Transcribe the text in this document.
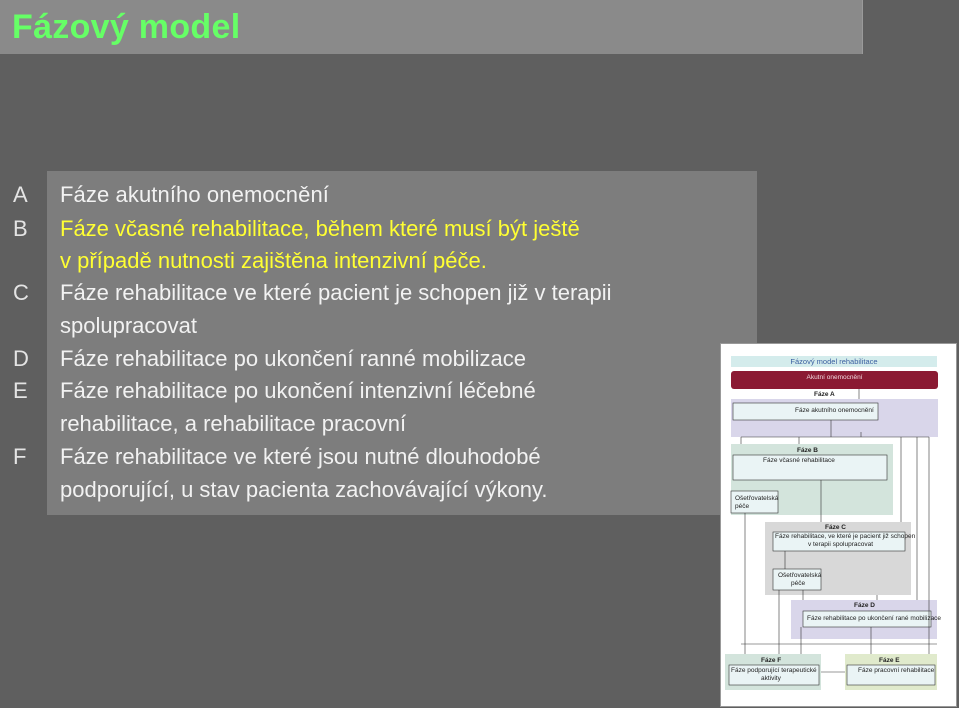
Fázový model
A
B
C
D
E
F
Fáze akutního onemocnění
Fáze včasné rehabilitace, během které musí být ještě
v případě nutnosti zajištěna intenzivní péče.
Fáze rehabilitace ve které pacient je schopen již v terapii
spolupracovat
Fáze rehabilitace po ukončení ranné mobilizace
Fáze rehabilitace po ukončení intenzivní léčebné
rehabilitace, a rehabilitace pracovní
Fáze rehabilitace ve které jsou nutné dlouhodobé
podporující, u stav pacienta zachovávající výkony.
Fázový model rehabilitace
Akutní onemocnění
Fáze A
Fáze akutního onemocnění
Fáze B
Fáze včasné rehabilitace
Ošetřovatelská
péče
Fáze C
Fáze rehabilitace, ve které je pacient již schopen
v terapii spolupracovat
Ošetřovatelská
péče
Fáze D
Fáze rehabilitace po ukončení rané mobilizace
Fáze F
Fáze podporující terapeutické
aktivity
Fáze E
Fáze pracovní rehabilitace
